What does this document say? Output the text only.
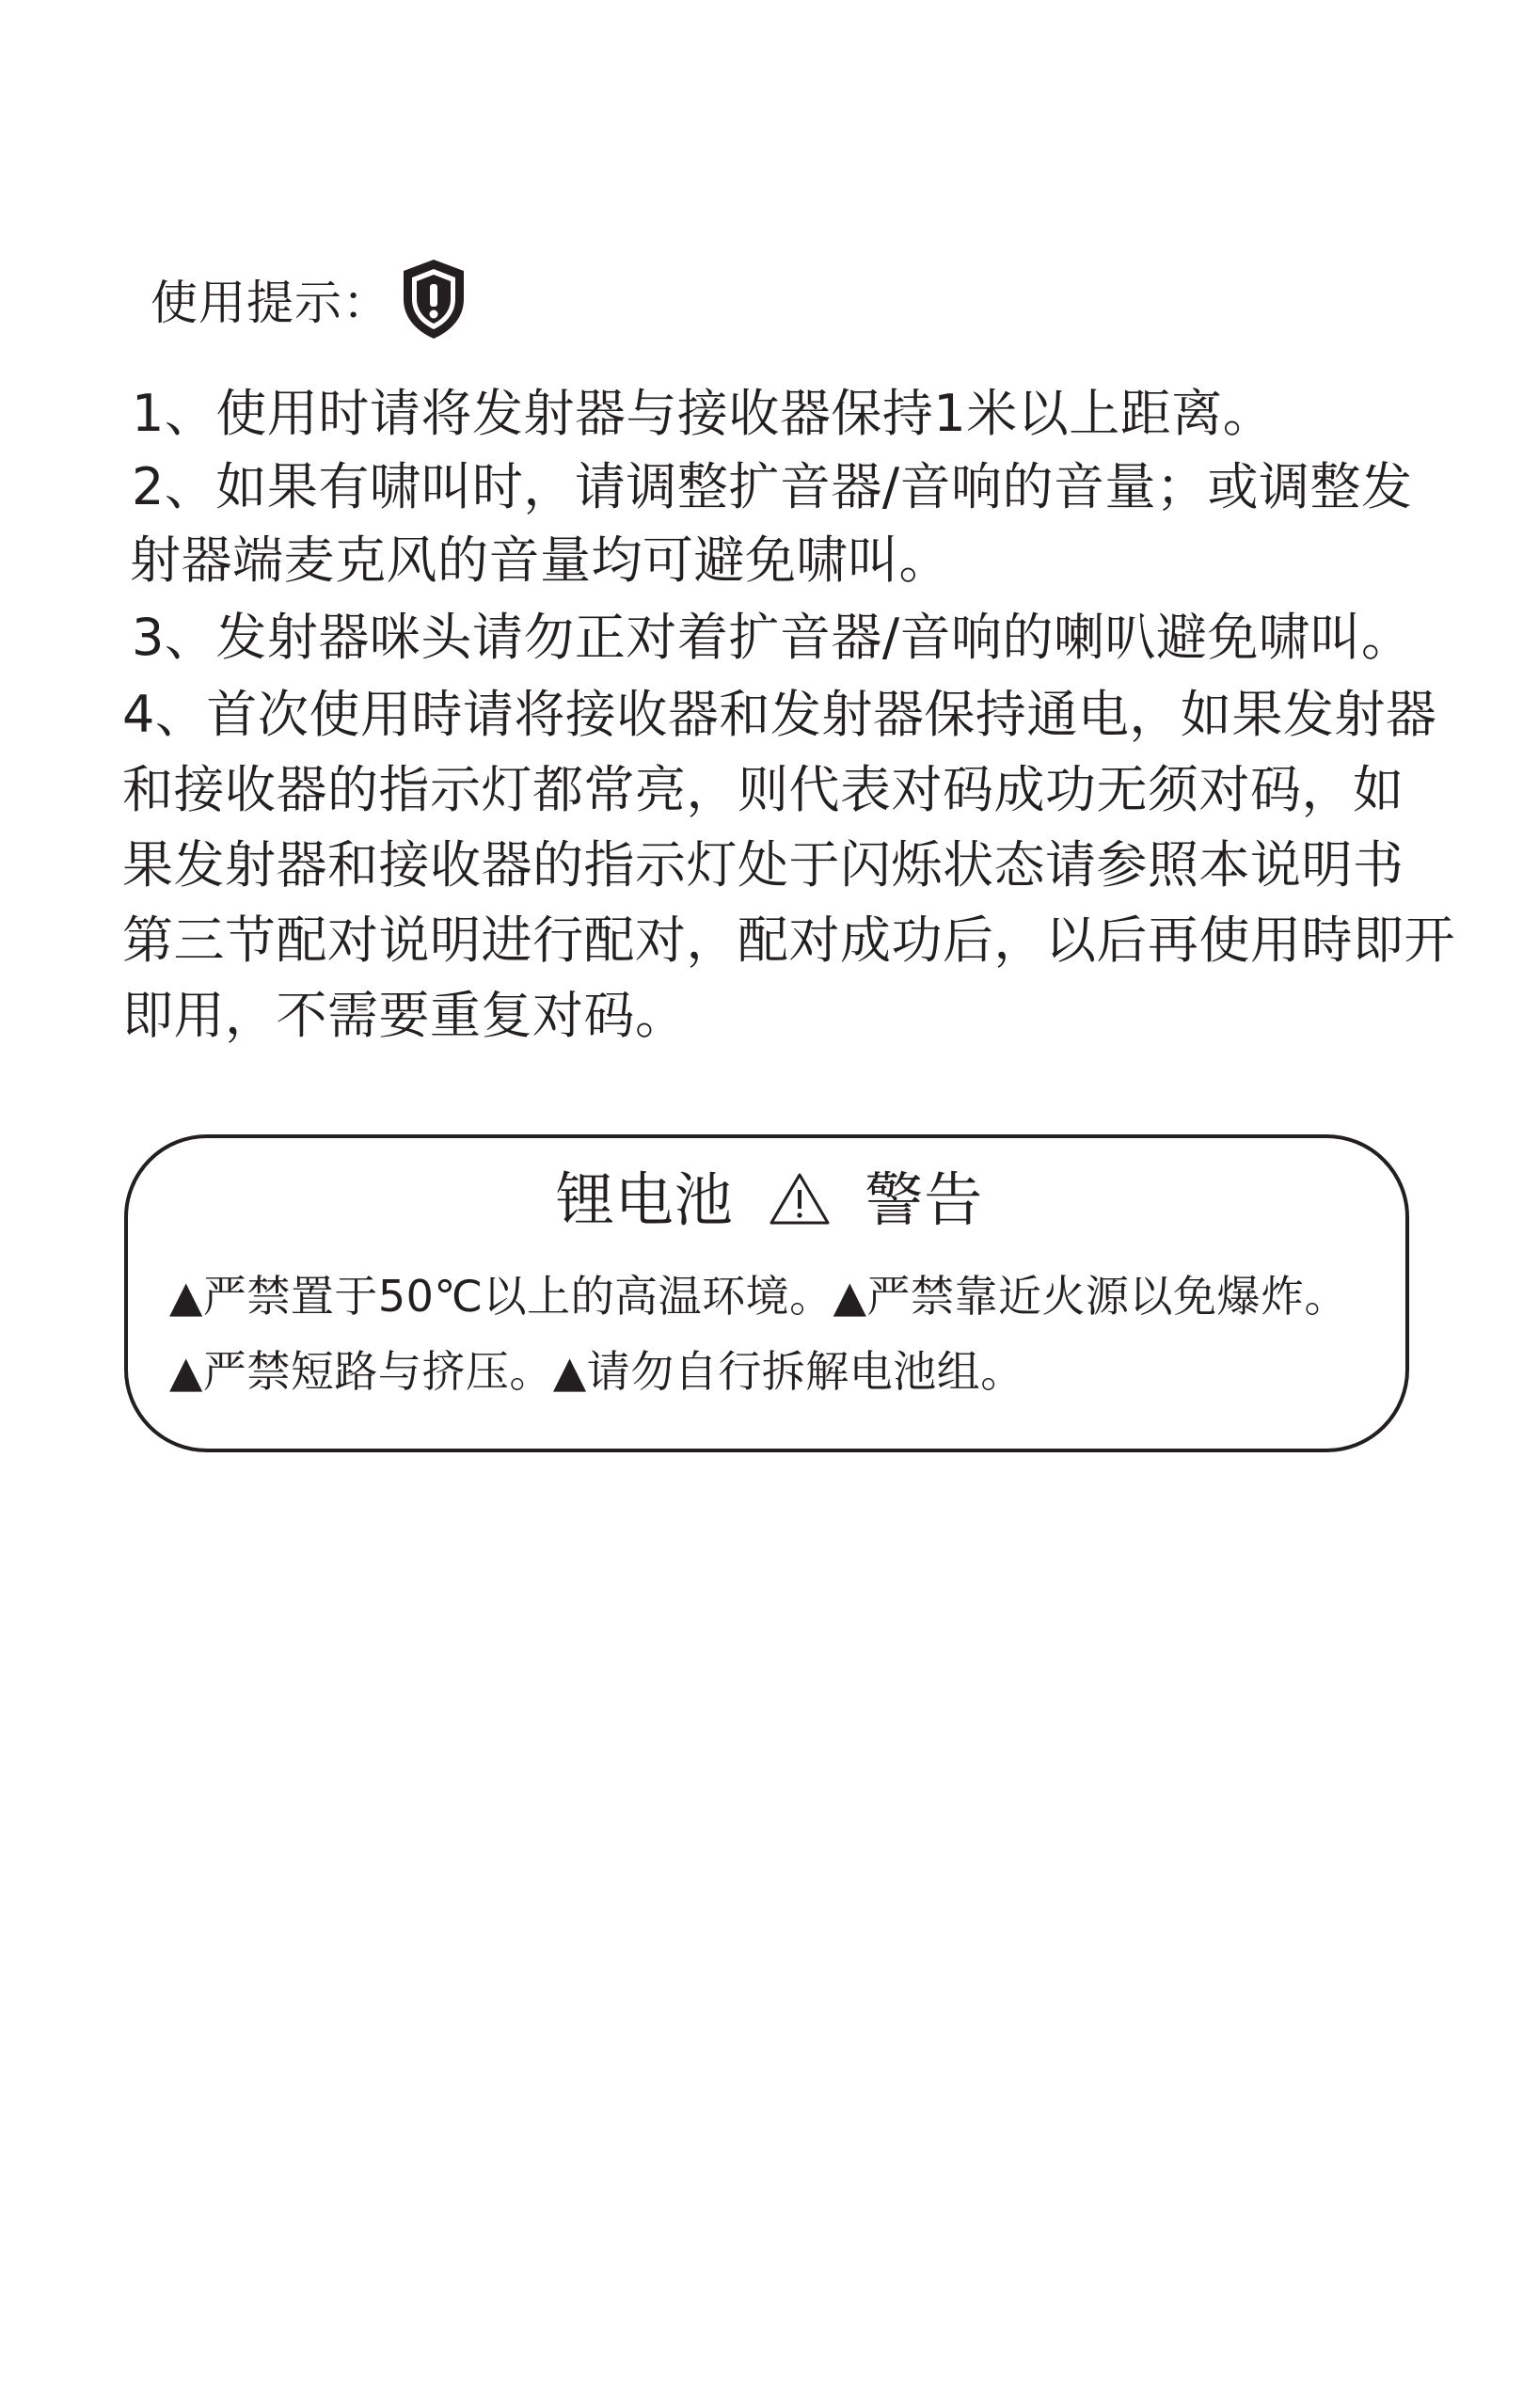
使用提示：
1、使用时请将发射器与接收器保持1米以上距离。
2、如果有啸叫时，请调整扩音器/音响的音量；或调整发
射器端麦克风的音量均可避免啸叫。
3、发射器咪头请勿正对着扩音器/音响的喇叭避免啸叫。
4、首次使用時请将接收器和发射器保持通电，如果发射器
和接收器的指示灯都常亮，则代表对码成功无须对码，如
果发射器和接收器的指示灯处于闪烁状态请参照本说明书
第三节配对说明进行配对，配对成功后，以后再使用時即开
即用，不需要重复对码。
锂电池 警告
▲严禁置于50℃以上的高温环境。▲严禁靠近火源以免爆炸。
▲严禁短路与挤压。▲请勿自行拆解电池组。
